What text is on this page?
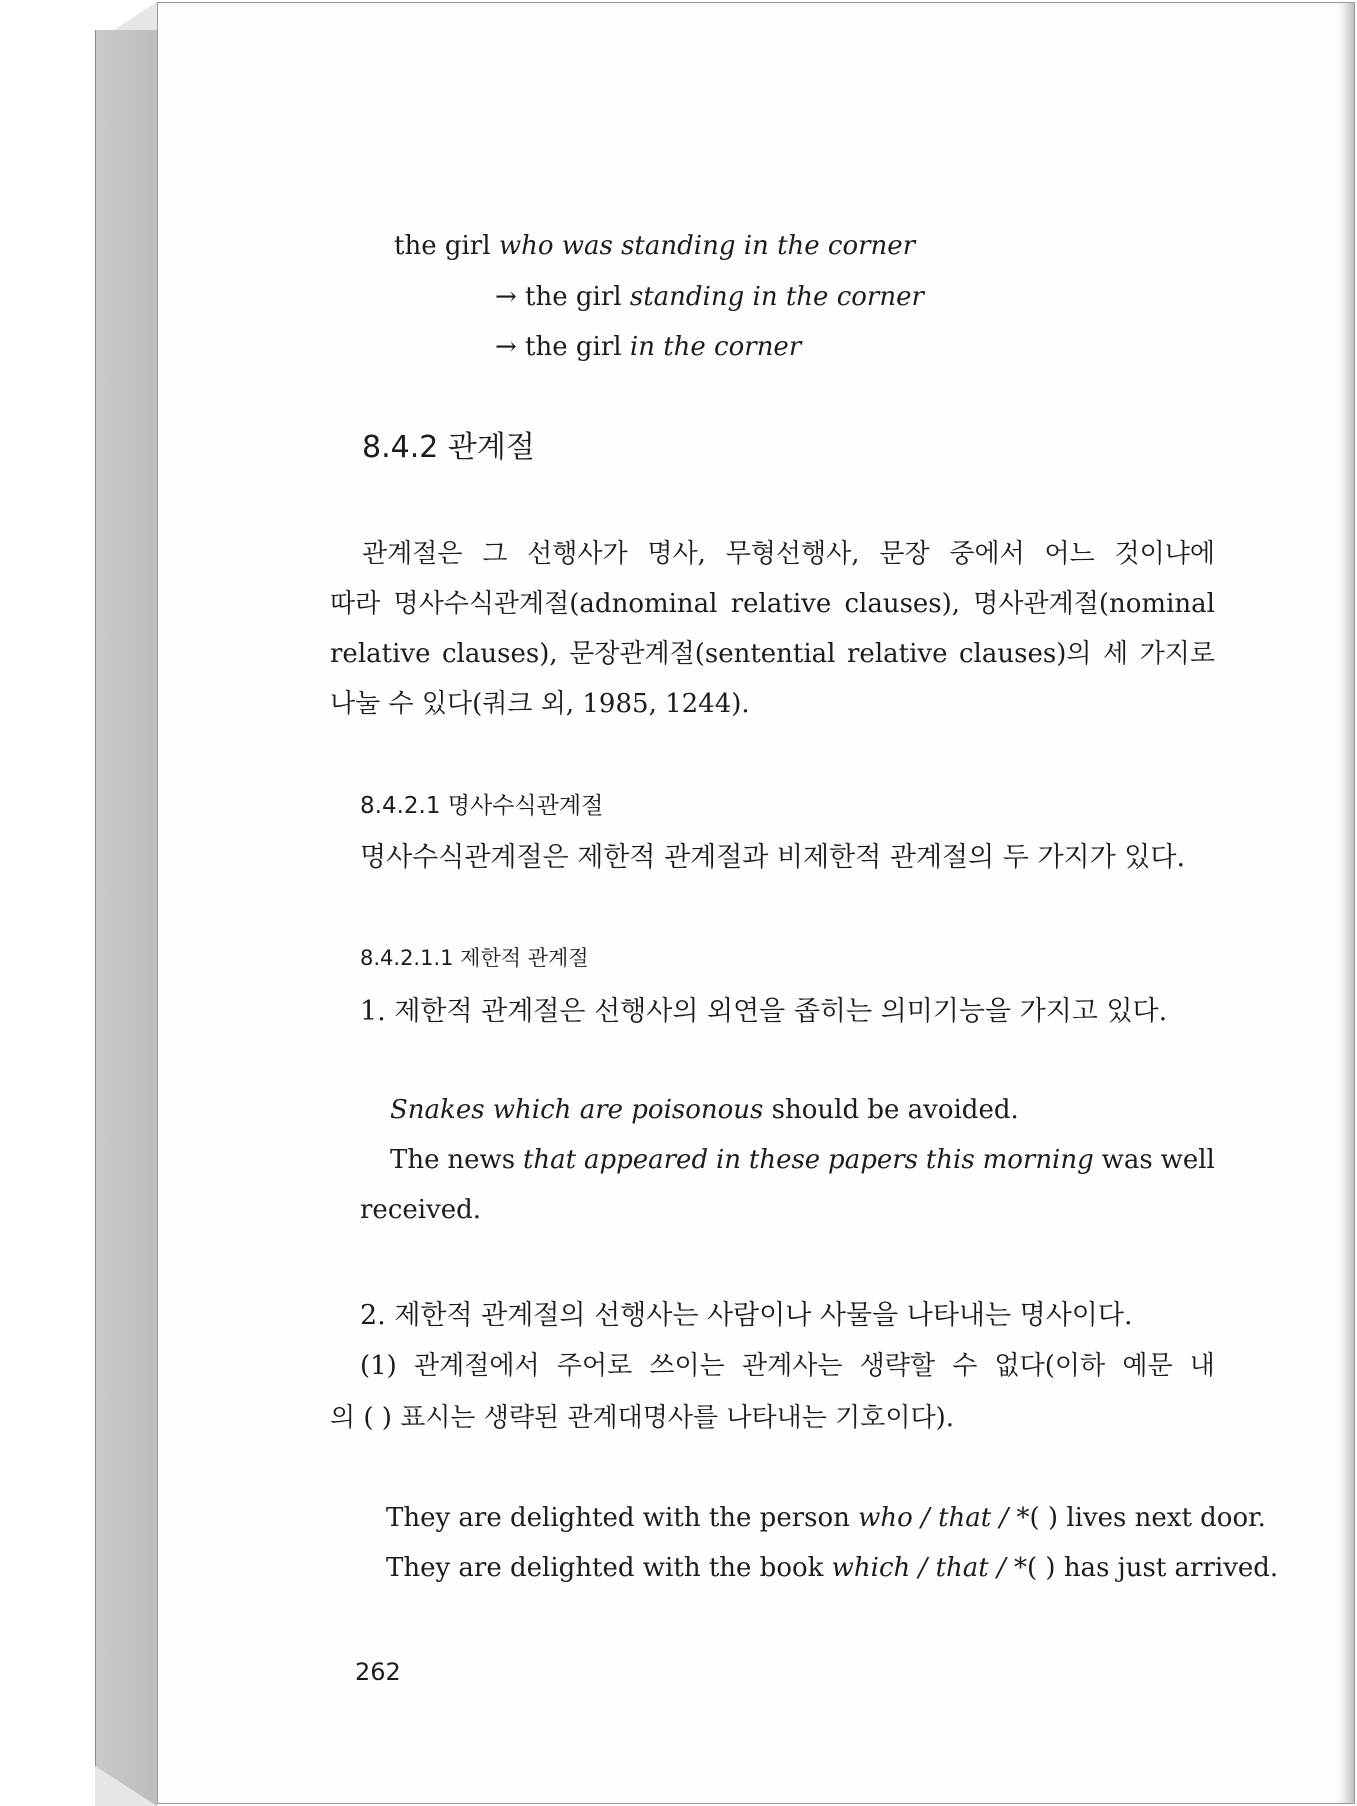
the girl who was standing in the corner
→ the girl standing in the corner
→ the girl in the corner
8.4.2 관계절
관계절은 그 선행사가 명사, 무형선행사, 문장 중에서 어느 것이냐에
따라 명사수식관계절(adnominal relative clauses), 명사관계절(nominal
relative clauses), 문장관계절(sentential relative clauses)의 세 가지로
나눌 수 있다(쿼크 외, 1985, 1244).
8.4.2.1 명사수식관계절
명사수식관계절은 제한적 관계절과 비제한적 관계절의 두 가지가 있다.
8.4.2.1.1 제한적 관계절
1. 제한적 관계절은 선행사의 외연을 좁히는 의미기능을 가지고 있다.
Snakes which are poisonous should be avoided.
The news that appeared in these papers this morning was well
received.
2. 제한적 관계절의 선행사는 사람이나 사물을 나타내는 명사이다.
(1) 관계절에서 주어로 쓰이는 관계사는 생략할 수 없다(이하 예문 내
의 ( ) 표시는 생략된 관계대명사를 나타내는 기호이다).
They are delighted with the person who / that / *( ) lives next door.
They are delighted with the book which / that / *( ) has just arrived.
262
